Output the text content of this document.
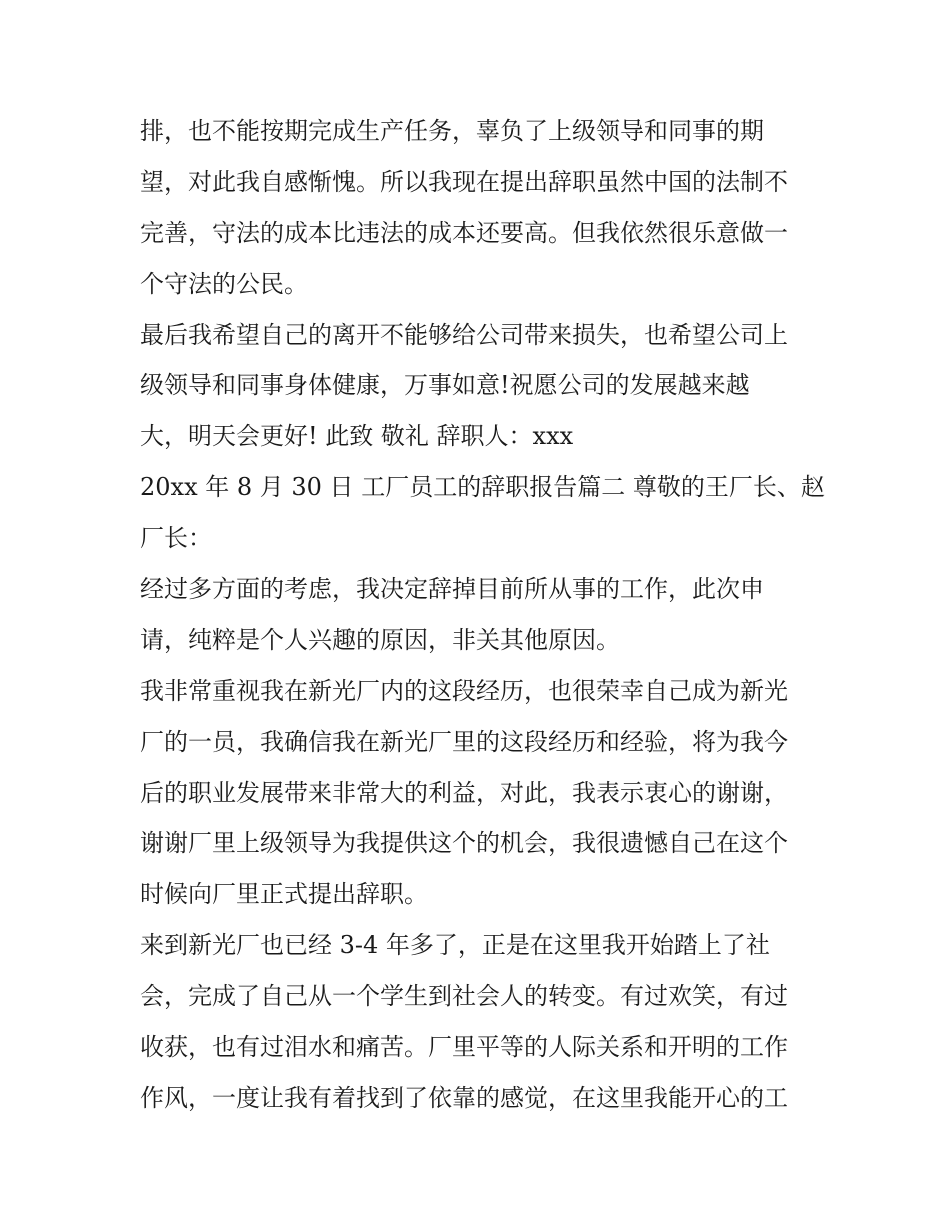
排，也不能按期完成生产任务，辜负了上级领导和同事的期
望，对此我自感惭愧。所以我现在提出辞职虽然中国的法制不
完善，守法的成本比违法的成本还要高。但我依然很乐意做一
个守法的公民。
最后我希望自己的离开不能够给公司带来损失，也希望公司上
级领导和同事身体健康，万事如意!祝愿公司的发展越来越
大，明天会更好! 此致 敬礼 辞职人：xxx
20xx 年 8 月 30 日 工厂员工的辞职报告篇二 尊敬的王厂长、赵
厂长：
经过多方面的考虑，我决定辞掉目前所从事的工作，此次申
请，纯粹是个人兴趣的原因，非关其他原因。
我非常重视我在新光厂内的这段经历，也很荣幸自己成为新光
厂的一员，我确信我在新光厂里的这段经历和经验，将为我今
后的职业发展带来非常大的利益，对此，我表示衷心的谢谢，
谢谢厂里上级领导为我提供这个的机会，我很遗憾自己在这个
时候向厂里正式提出辞职。
来到新光厂也已经 3-4 年多了，正是在这里我开始踏上了社
会，完成了自己从一个学生到社会人的转变。有过欢笑，有过
收获，也有过泪水和痛苦。厂里平等的人际关系和开明的工作
作风，一度让我有着找到了依靠的感觉，在这里我能开心的工
